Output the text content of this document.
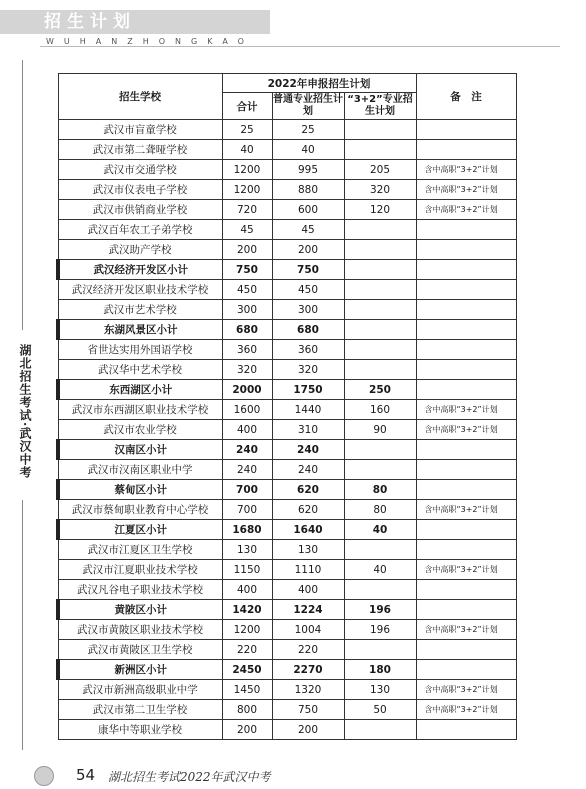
招生计划
WUHANZHONGKAO
湖北招生考试·武汉中考
招生学校	2022年申报招生计划			备　注
	合计	普通专业招生计划	“3+2”专业招生计划	
武汉市盲童学校	25	25		
武汉市第二聋哑学校	40	40		
武汉市交通学校	1200	995	205	含中高职“3+2”计划
武汉市仪表电子学校	1200	880	320	含中高职“3+2”计划
武汉市供销商业学校	720	600	120	含中高职“3+2”计划
武汉百年农工子弟学校	45	45		
武汉助产学校	200	200		
武汉经济开发区小计	750	750		
武汉经济开发区职业技术学校	450	450		
武汉市艺术学校	300	300		
东湖风景区小计	680	680		
省世达实用外国语学校	360	360		
武汉华中艺术学校	320	320		
东西湖区小计	2000	1750	250	
武汉市东西湖区职业技术学校	1600	1440	160	含中高职“3+2”计划
武汉市农业学校	400	310	90	含中高职“3+2”计划
汉南区小计	240	240		
武汉市汉南区职业中学	240	240		
蔡甸区小计	700	620	80	
武汉市蔡甸职业教育中心学校	700	620	80	含中高职“3+2”计划
江夏区小计	1680	1640	40	
武汉市江夏区卫生学校	130	130		
武汉市江夏职业技术学校	1150	1110	40	含中高职“3+2”计划
武汉凡谷电子职业技术学校	400	400		
黄陂区小计	1420	1224	196	
武汉市黄陂区职业技术学校	1200	1004	196	含中高职“3+2”计划
武汉市黄陂区卫生学校	220	220		
新洲区小计	2450	2270	180	
武汉市新洲高级职业中学	1450	1320	130	含中高职“3+2”计划
武汉市第二卫生学校	800	750	50	含中高职“3+2”计划
康华中等职业学校	200	200		
54 湖北招生考试2022年武汉中考
